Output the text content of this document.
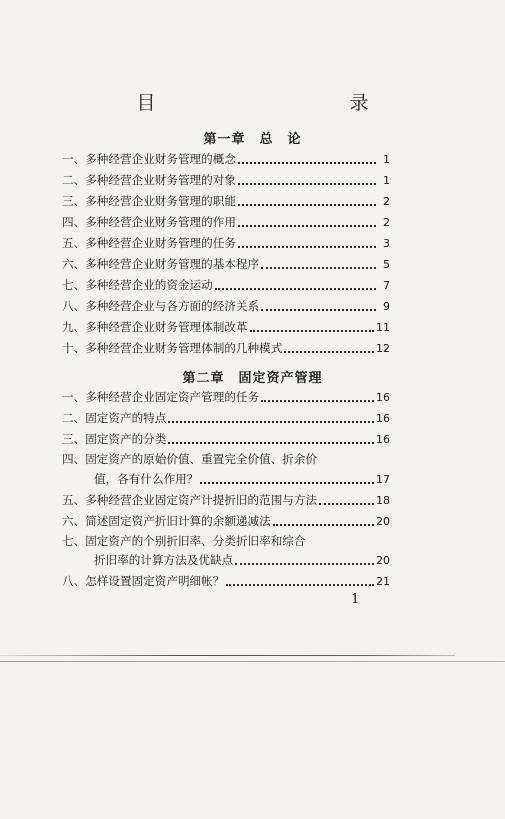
目　　录
第一章　总　论
一、多种经营企业财务管理的概念	1
二、多种经营企业财务管理的对象	1
三、多种经营企业财务管理的职能	2
四、多种经营企业财务管理的作用	2
五、多种经营企业财务管理的任务	3
六、多种经营企业财务管理的基本程序	5
七、多种经营企业的资金运动	7
八、多种经营企业与各方面的经济关系	9
九、多种经营企业财务管理体制改革	11
十、多种经营企业财务管理体制的几种模式	12
第二章　固定资产管理
一、多种经营企业固定资产管理的任务	16
二、固定资产的特点	16
三、固定资产的分类	16
四、固定资产的原始价值、重置完全价值、折余价
值，各有什么作用？	17
五、多种经营企业固定资产计提折旧的范围与方法	18
六、简述固定资产折旧计算的余额递减法	20
七、固定资产的个别折旧率、分类折旧率和综合
折旧率的计算方法及优缺点	20
八、怎样设置固定资产明细帐？	21
1
